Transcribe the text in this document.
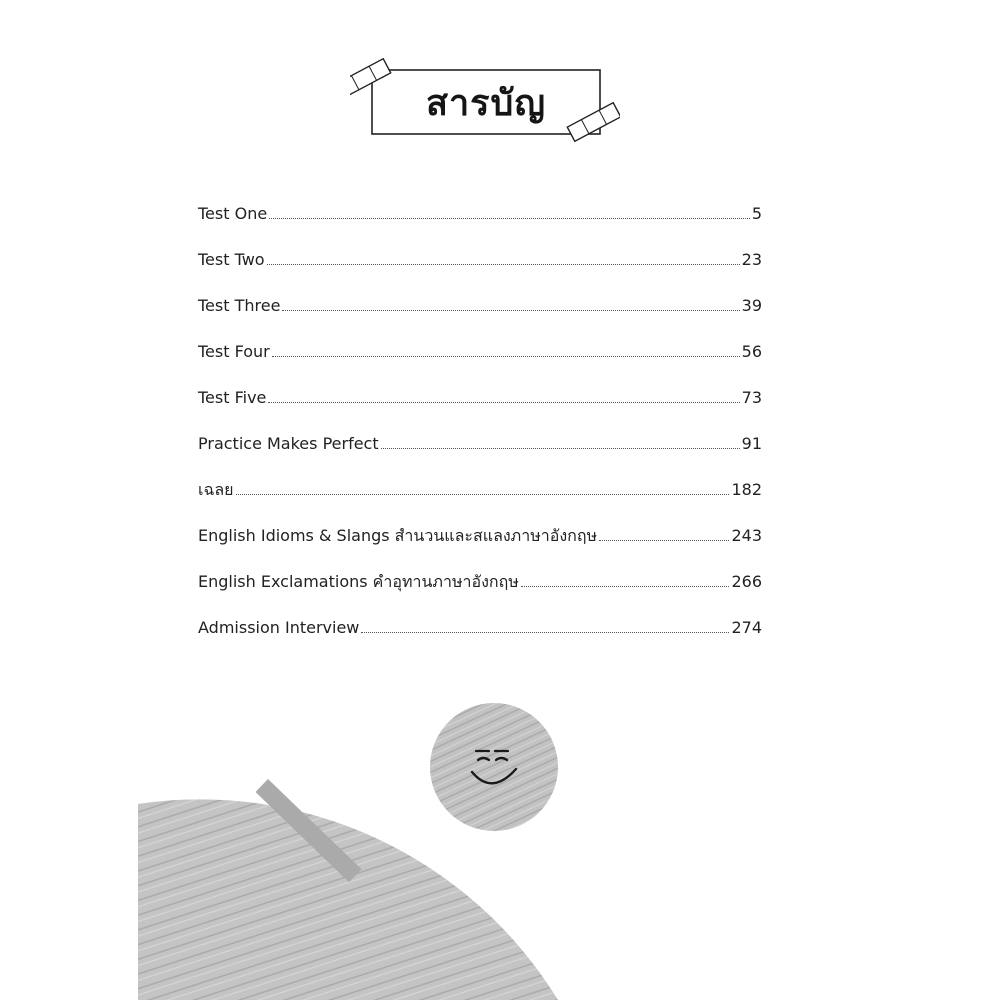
สารบัญ
Test One	5
Test Two	23
Test Three	39
Test Four	56
Test Five	73
Practice Makes Perfect	91
เฉลย	182
English Idioms & Slangs สำนวนและสแลงภาษาอังกฤษ	243
English Exclamations คำอุทานภาษาอังกฤษ	266
Admission Interview	274
